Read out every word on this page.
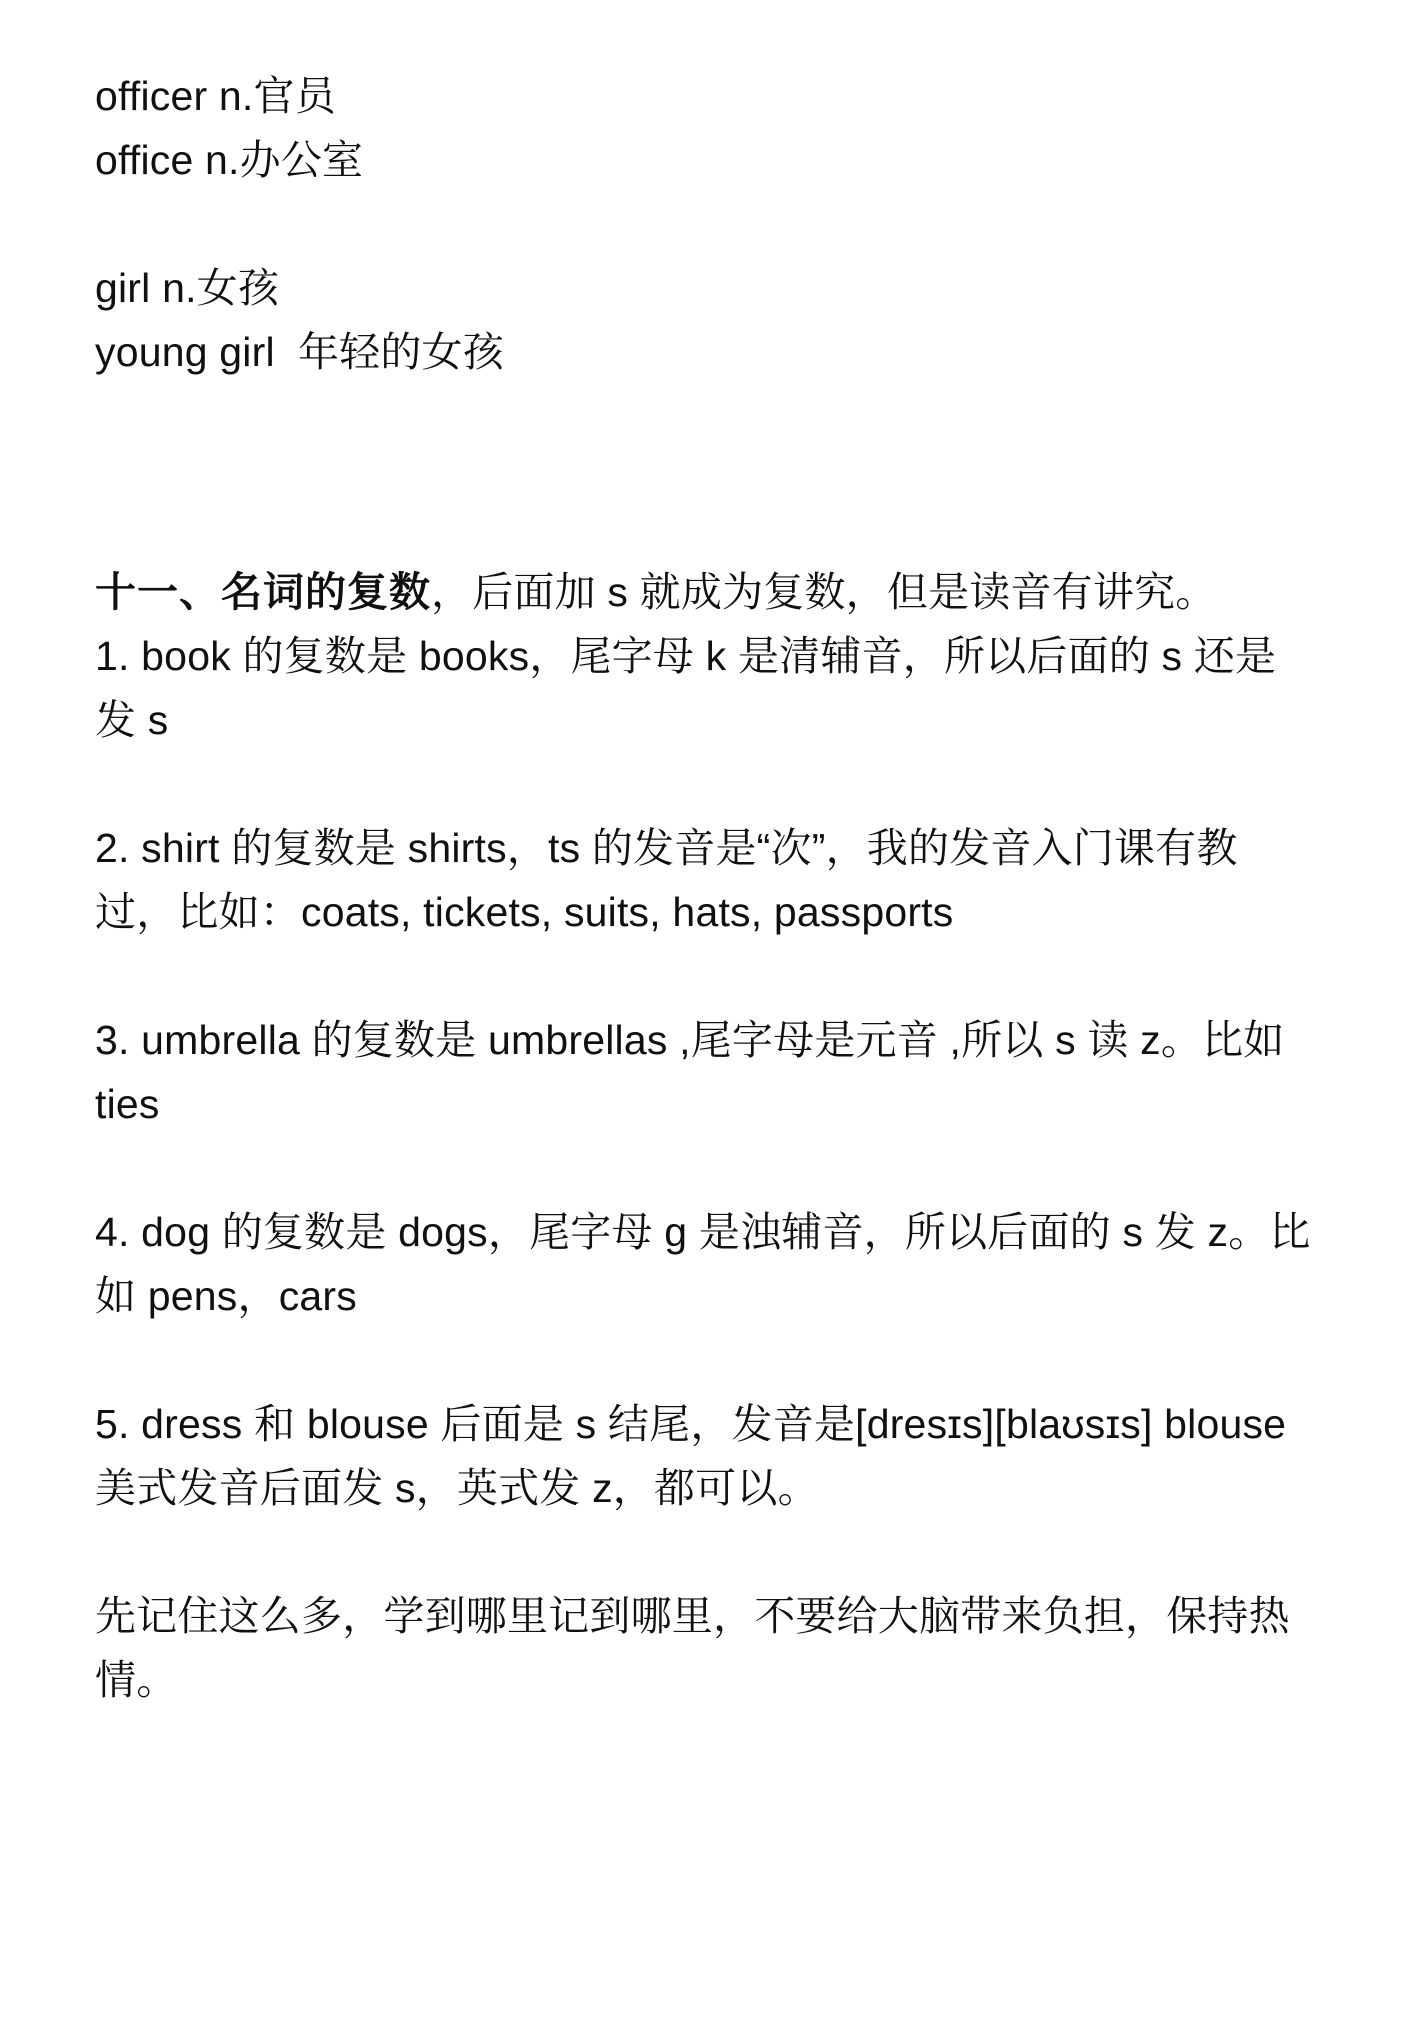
officer n.官员

office n.办公室

girl n.女孩

young girl  年轻的女孩

十一、名词的复数，后面加 s 就成为复数，但是读音有讲究。

1. book 的复数是 books，尾字母 k 是清辅音，所以后面的 s 还是发 s

2. shirt 的复数是 shirts，ts 的发音是“次”，我的发音入门课有教过，比如：coats, tickets, suits, hats, passports

3. umbrella 的复数是 umbrellas ,尾字母是元音 ,所以 s 读 z。比如 ties

4. dog 的复数是 dogs，尾字母 g 是浊辅音，所以后面的 s 发 z。比如 pens，cars

5. dress 和 blouse 后面是 s 结尾，发音是[dresɪs][blaʊsɪs] blouse  美式发音后面发 s，英式发 z，都可以。

先记住这么多，学到哪里记到哪里，不要给大脑带来负担，保持热情。
